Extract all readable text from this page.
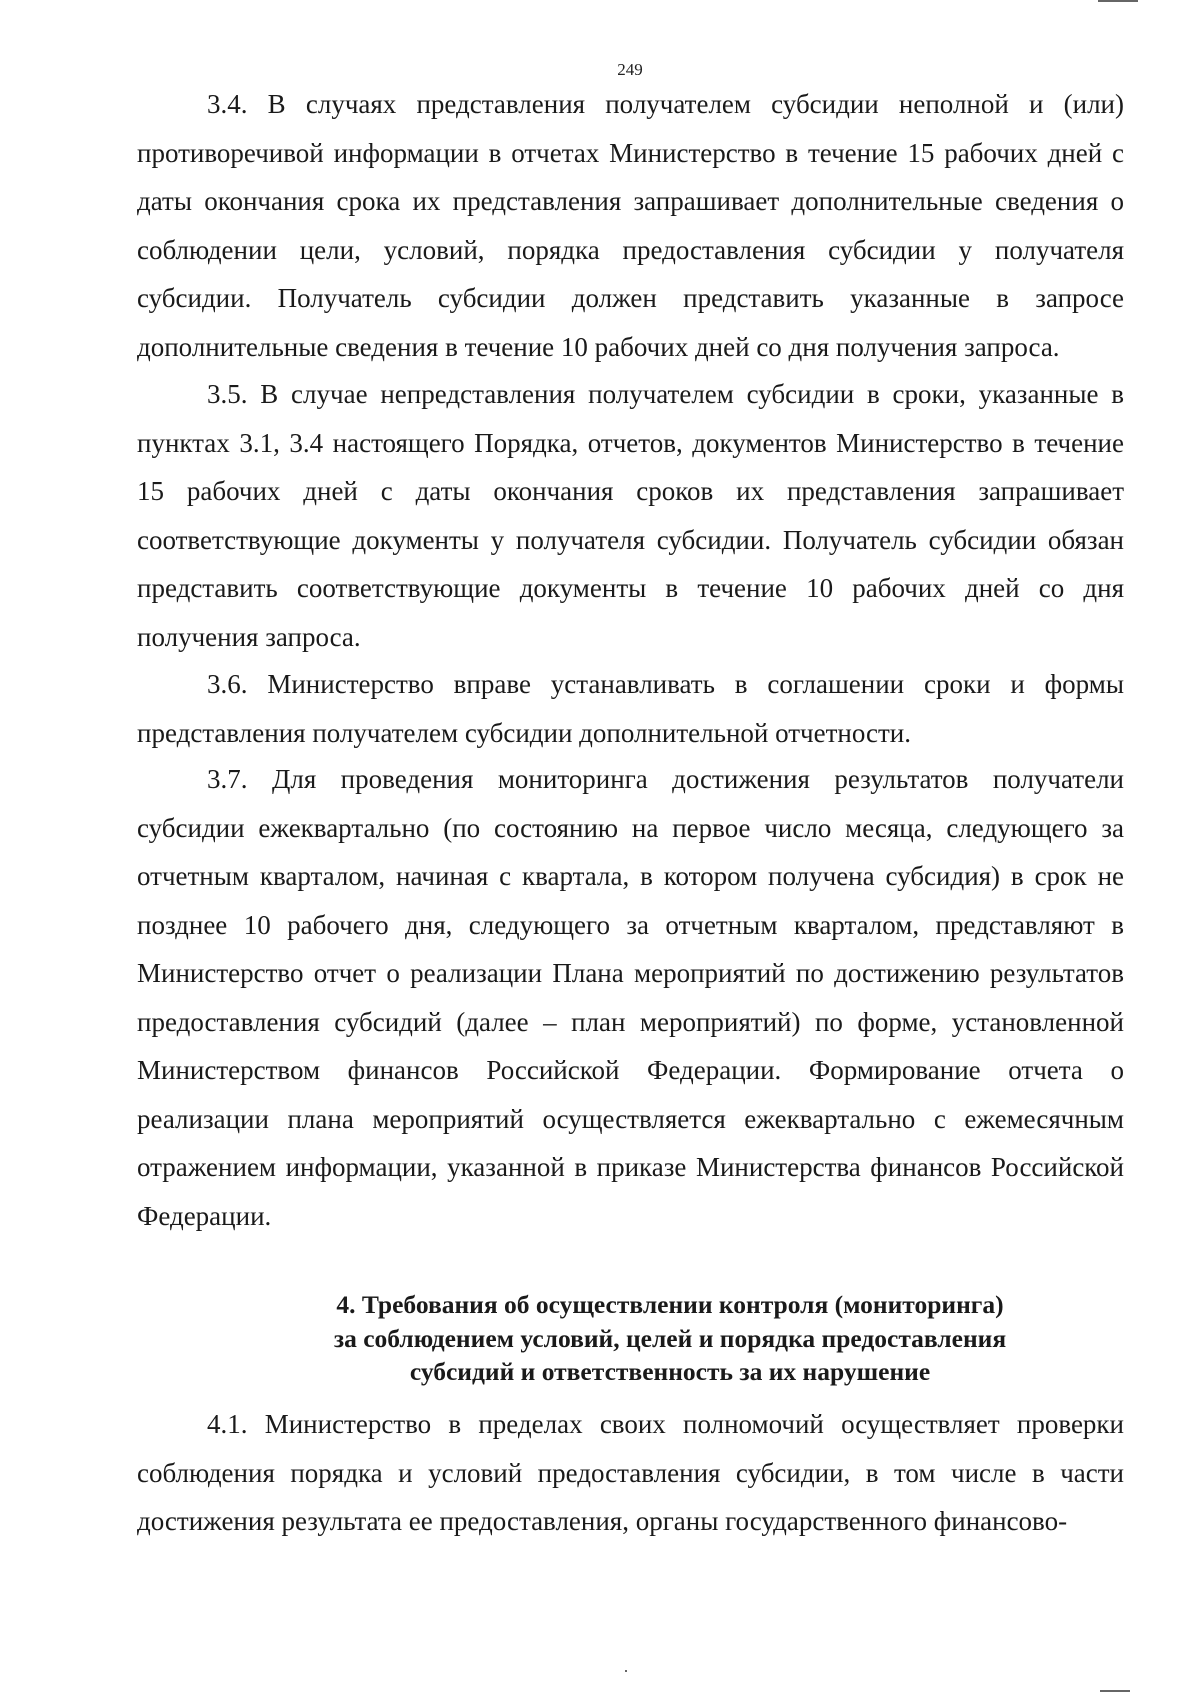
249

3.4. В случаях представления получателем субсидии неполной и (или) противоречивой информации в отчетах Министерство в течение 15 рабочих дней с даты окончания срока их представления запрашивает дополнительные сведения о соблюдении цели, условий, порядка предоставления субсидии у получателя субсидии. Получатель субсидии должен представить указанные в запросе дополнительные сведения в течение 10 рабочих дней со дня получения запроса.

3.5. В случае непредставления получателем субсидии в сроки, указанные в пунктах 3.1, 3.4 настоящего Порядка, отчетов, документов Министерство в течение 15 рабочих дней с даты окончания сроков их представления запрашивает соответствующие документы у получателя субсидии. Получатель субсидии обязан представить соответствующие документы в течение 10 рабочих дней со дня получения запроса.

3.6. Министерство вправе устанавливать в соглашении сроки и формы представления получателем субсидии дополнительной отчетности.

3.7. Для проведения мониторинга достижения результатов получатели субсидии ежеквартально (по состоянию на первое число месяца, следующего за отчетным кварталом, начиная с квартала, в котором получена субсидия) в срок не позднее 10 рабочего дня, следующего за отчетным кварталом, представляют в Министерство отчет о реализации Плана мероприятий по достижению результатов предоставления субсидий (далее – план мероприятий) по форме, установленной Министерством финансов Российской Федерации. Формирование отчета о реализации плана мероприятий осуществляется ежеквартально с ежемесячным отражением информации, указанной в приказе Министерства финансов Российской Федерации.

4. Требования об осуществлении контроля (мониторинга)
за соблюдением условий, целей и порядка предоставления
субсидий и ответственность за их нарушение

4.1. Министерство в пределах своих полномочий осуществляет проверки соблюдения порядка и условий предоставления субсидии, в том числе в части достижения результата ее предоставления, органы государственного финансово-
